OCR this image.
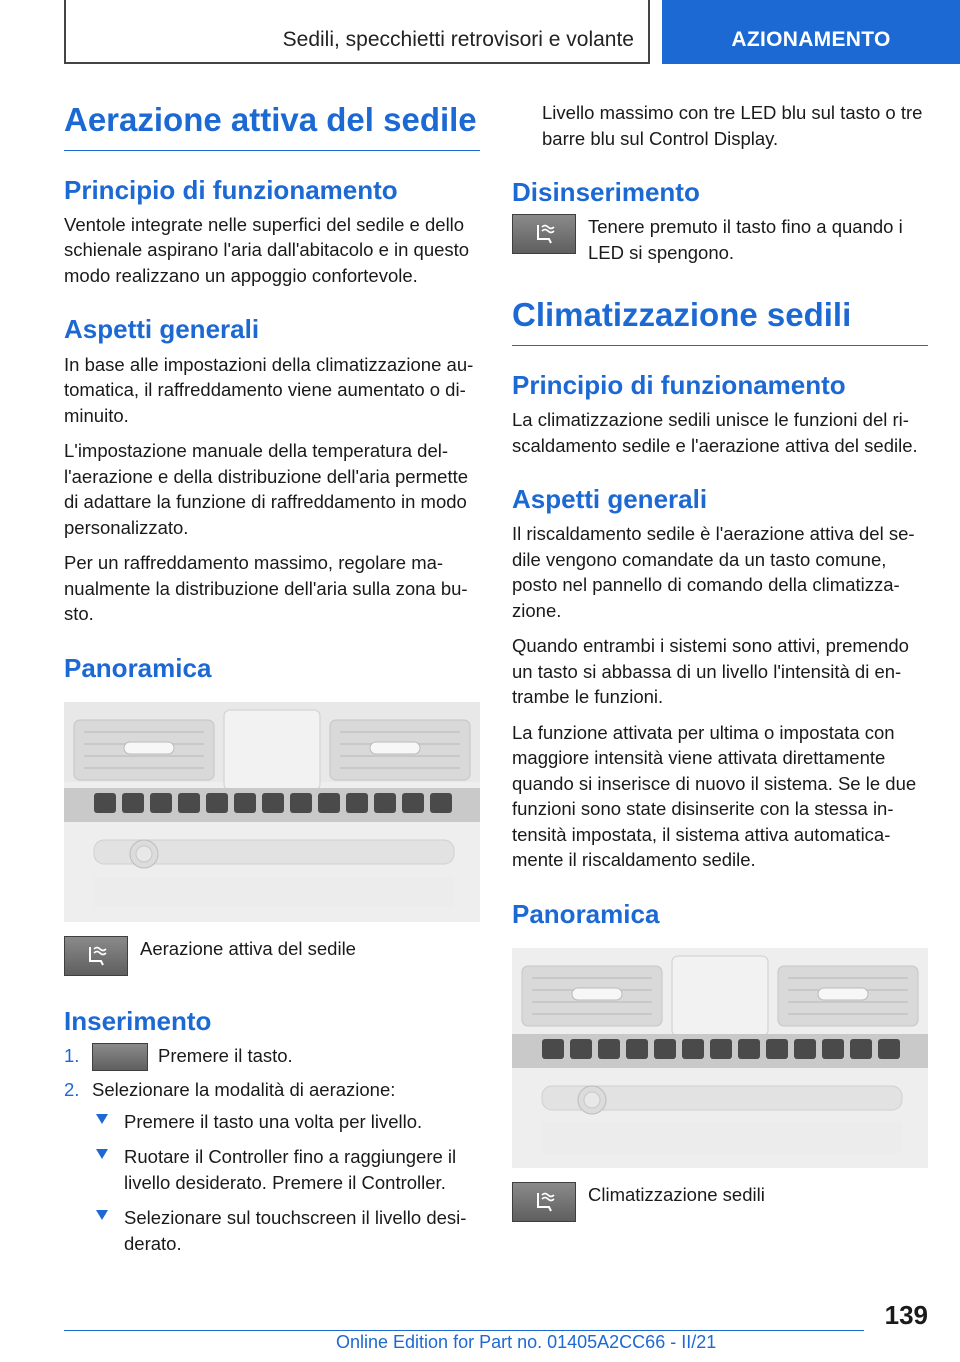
Sedili, specchietti retrovisori e volante	AZIONAMENTO
Aerazione attiva del sedile
Principio di funzionamento

Ventole integrate nelle superfici del sedile e dello schienale aspirano l'aria dall'abitacolo e in questo modo realizzano un appoggio confortevole.

Aspetti generali

In base alle impostazioni della climatizzazione automatica, il raffreddamento viene aumentato o diminuito.

L'impostazione manuale della temperatura dell'aerazione e della distribuzione dell'aria permette di adattare la funzione di raffreddamento in modo personalizzato.

Per un raffreddamento massimo, regolare manualmente la distribuzione dell'aria sulla zona busto.

Panoramica
Aerazione attiva del sedile
Inserimento
1.	Premere il tasto.
2. Selezionare la modalità di aerazione:
Premere il tasto una volta per livello.
Ruotare il Controller fino a raggiungere il livello desiderato. Premere il Controller.
Selezionare sul touchscreen il livello desiderato.

Livello massimo con tre LED blu sul tasto o tre barre blu sul Control Display.

Disinserimento
Tenere premuto il tasto fino a quando i LED si spengono.
Climatizzazione sedili
Principio di funzionamento

La climatizzazione sedili unisce le funzioni del riscaldamento sedile e l'aerazione attiva del sedile.

Aspetti generali

Il riscaldamento sedile è l'aerazione attiva del sedile vengono comandate da un tasto comune, posto nel pannello di comando della climatizzazione.

Quando entrambi i sistemi sono attivi, premendo un tasto si abbassa di un livello l'intensità di entrambe le funzioni.

La funzione attivata per ultima o impostata con maggiore intensità viene attivata direttamente quando si inserisce di nuovo il sistema. Se le due funzioni sono state disinserite con la stessa intensità impostata, il sistema attiva automaticamente il riscaldamento sedile.

Panoramica
Climatizzazione sedili
139
Online Edition for Part no. 01405A2CC66 - II/21
